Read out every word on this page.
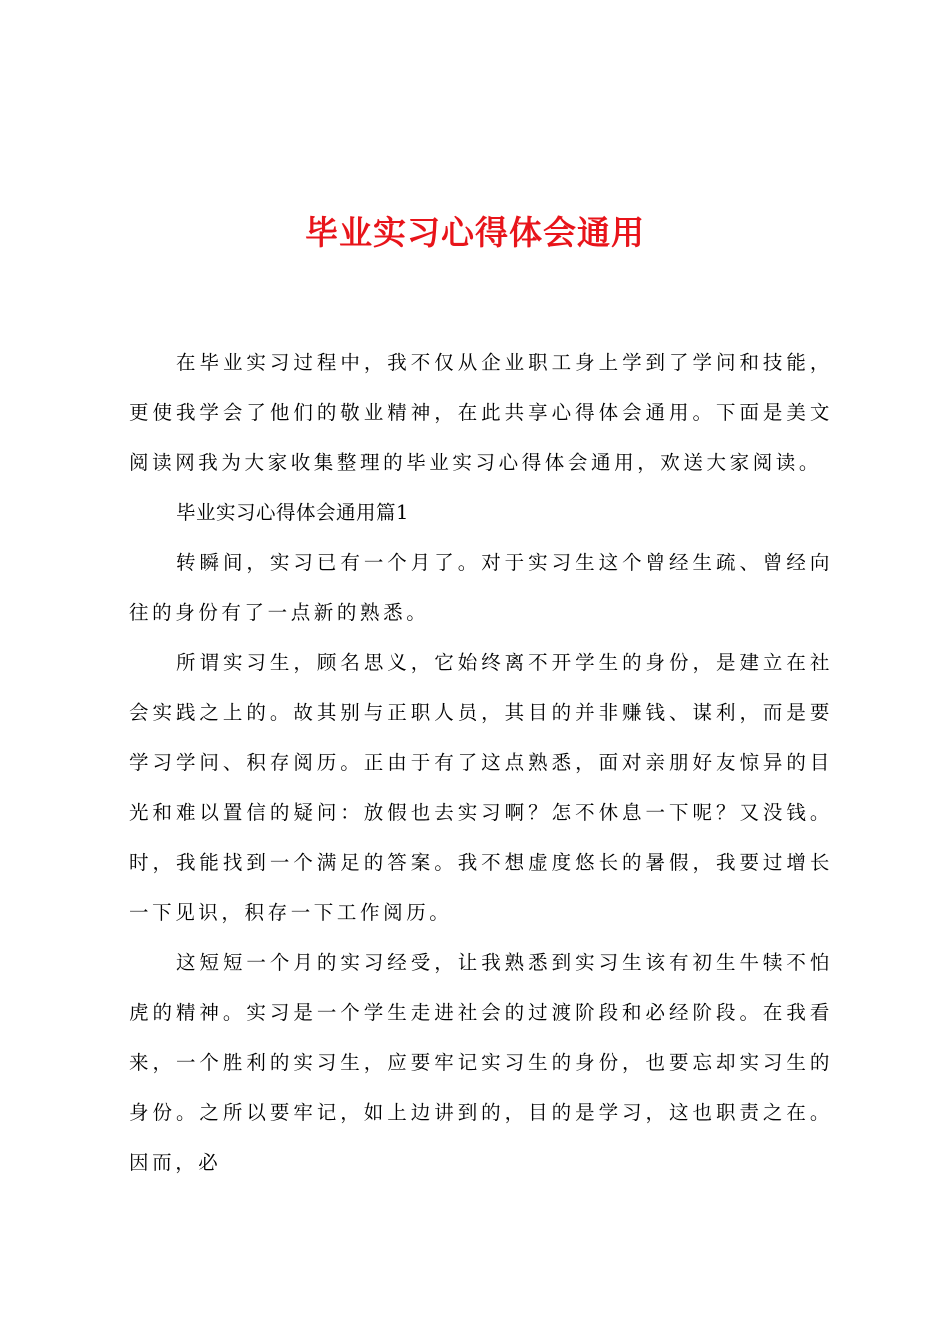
毕业实习心得体会通用

在毕业实习过程中，我不仅从企业职工身上学到了学问和技能，更使我学会了他们的敬业精神，在此共享心得体会通用。下面是美文阅读网我为大家收集整理的毕业实习心得体会通用，欢送大家阅读。

毕业实习心得体会通用篇1

转瞬间，实习已有一个月了。对于实习生这个曾经生疏、曾经向往的身份有了一点新的熟悉。

所谓实习生，顾名思义，它始终离不开学生的身份，是建立在社会实践之上的。故其别与正职人员，其目的并非赚钱、谋利，而是要学习学问、积存阅历。正由于有了这点熟悉，面对亲朋好友惊异的目光和难以置信的疑问：放假也去实习啊？怎不休息一下呢？又没钱。时，我能找到一个满足的答案。我不想虚度悠长的暑假，我要过增长一下见识，积存一下工作阅历。

这短短一个月的实习经受，让我熟悉到实习生该有初生牛犊不怕虎的精神。实习是一个学生走进社会的过渡阶段和必经阶段。在我看来，一个胜利的实习生，应要牢记实习生的身份，也要忘却实习生的身份。之所以要牢记，如上边讲到的，目的是学习，这也职责之在。因而，必
